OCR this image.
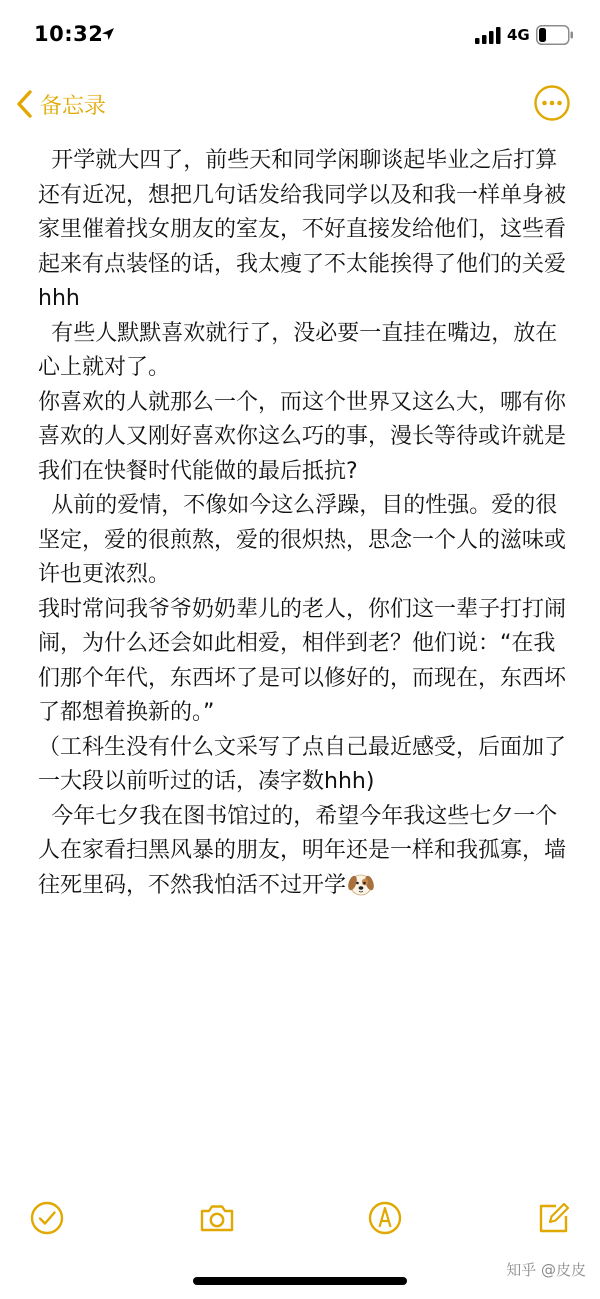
10:32	4G
备忘录

开学就大四了，前些天和同学闲聊谈起毕业之后打算还有近况，想把几句话发给我同学以及和我一样单身被家里催着找女朋友的室友，不好直接发给他们，这些看起来有点装怪的话，我太瘦了不太能挨得了他们的关爱hhh

有些人默默喜欢就行了，没必要一直挂在嘴边，放在心上就对了。

你喜欢的人就那么一个，而这个世界又这么大，哪有你喜欢的人又刚好喜欢你这么巧的事，漫长等待或许就是我们在快餐时代能做的最后抵抗?

从前的爱情，不像如今这么浮躁，目的性强。爱的很坚定，爱的很煎熬，爱的很炽热，思念一个人的滋味或许也更浓烈。

我时常问我爷爷奶奶辈儿的老人，你们这一辈子打打闹闹，为什么还会如此相爱，相伴到老？他们说：“在我们那个年代，东西坏了是可以修好的，而现在，东西坏了都想着换新的。”

（工科生没有什么文采写了点自己最近感受，后面加了一大段以前听过的话，凑字数hhh)

今年七夕我在图书馆过的，希望今年我这些七夕一个人在家看扫黑风暴的朋友，明年还是一样和我孤寡，墙往死里码，不然我怕活不过开学

知乎 @皮皮
